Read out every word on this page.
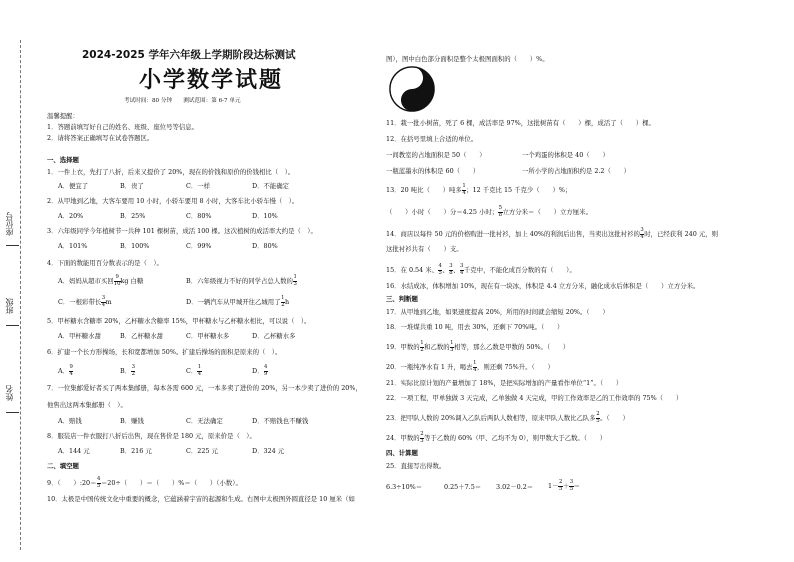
座位号
班级
姓名
2024-2025 学年六年级上学期阶段达标测试
小学数学试题
考试时间：80 分钟　　测试范围：第 6-7 单元
温馨提醒：
1．答题前填写好自己的姓名、班级、座位号等信息。
2．请将答案正确填写在试卷答题区。
一、选择题
1．一件上衣，先打了八折，后来又提价了 20%，现在的价钱和原价的价钱相比（　）。
A．便宜了	B．贵了	C．一样	D．不能确定
2．从甲地到乙地，大客车要用 10 小时，小轿车要用 8 小时，大客车比小轿车慢（　）。
A．20%	B．25%	C．80%	D．10%
3．六年级同学今年植树节一共种 101 棵树苗，成活 100 棵。这次植树的成活率大约是（　）。
A．101%	B．100%	C．99%	D．80%
4．下面的数能用百分数表示的是（　）。
A．妈妈从超市买回 $\frac{9}{10}$ kg 白糖	B．六年级视力不好的同学占总人数的 $\frac{1}{3}$
C．一根彩带长 $\frac{3}{4}$ m	D．一辆汽车从甲城开往乙城用了 $\frac{1}{2}$ h
5．甲杯糖水含糖率 20%，乙杯糖水含糖率 15%，甲杯糖水与乙杯糖水相比，可以说（　）。
A．甲杯糖水甜	B．乙杯糖水甜	C．甲杯糖水多	D．乙杯糖水多
6．扩建一个长方形操场，长和宽都增加 50%。扩建后操场的面积是原来的（　）。
A． $\frac{9}{4}$	B． $\frac{3}{2}$	C． $\frac{1}{4}$	D． $\frac{4}{9}$
7．一位集邮爱好者买了两本集邮册，每本各需 600 元，一本多卖了进价的 20%，另一本少卖了进价的 20%，
他售出这两本集邮册（　）。
A．赔钱	B．赚钱	C．无法确定	D．不赔钱也不赚钱
8．服装店一件衣服打八折后出售，现在售价是 180 元，原来价是（　）。
A．144 元	B．216 元	C．225 元	D．324 元
二、填空题
9．（　　）:20＝ $\frac{4}{5} =20\div$（　　）＝（　　）%＝（　　）（小数）。
10．太极是中国传统文化中重要的概念，它蕴涵着宇宙的起源和生成。右图中太极图外圆直径是 10 厘米（如
图），图中白色部分面积是整个太极图面积的（　　）%。
11．栽一批小树苗，死了 6 棵，成活率是 97%，这批树苗有（　　）棵，成活了（　　）棵。
12．在括号里填上合适的单位。
一间教室的占地面积是 50（　　）	一个鸡蛋的体积是 40（　　）
一瓶蓝墨水的体积是 60（　　）	一所小学的占地面积约是 2.2（　　）
13．20 吨比（　　）吨多 $\frac{1}{4}$ ；12 千克比 15 千克少（　　）%；
（　　）小时（　　）分＝4.25 小时； $\frac{5}{8}$ 立方分米＝（　　）立方厘米。
14．商店以每件 50 元的价格购进一批衬衫，加上 40%的利润后出售，当卖出这批衬衫的 $\frac{3}{4}$ 时，已经获利 240 元，则
这批衬衫共有（　　）支。
15．在 0.54 米、 $\frac{4}{5}$ 、 $\frac{3}{8}$ 、 $\frac{3}{4}$ 千克中，不能化成百分数的有（　　）。
16．水结成冰，体积增加 10%，现在有一块冰，体积是 4.4 立方分米，融化成水后体积是（　　）立方分米。
三、判断题
17．从甲地到乙地，如果速度提高 20%，所用的时间就会缩短 20%。（　　）
18．一堆煤共重 10 吨，用去 30%，还剩下 70%吨。（　　）
19．甲数的 $\frac{1}{2}$ 和乙数的 $\frac{1}{3}$ 相等，那么乙数是甲数的 50%。（　　）
20．一瓶纯净水有 1 升，喝去 $\frac{1}{4}$ ，则还剩 75%升。（　　）
21．实际比原计划的产量增加了 18%，是把实际增加的产量看作单位“1”。（　　）
22．一项工程，甲单独做 3 天完成，乙单独做 4 天完成，甲的工作效率是乙的工作效率的 75%（　　）
23．把甲队人数的 20%调入乙队后两队人数相等，原来甲队人数比乙队多 $\frac{2}{5}$ 。（　　）
24．甲数的 $\frac{2}{3}$ 等于乙数的 60%（甲、乙均不为 0），则甲数大于乙数。（　　）
四、计算题
25．直接写出得数。
6.3÷10%＝	$0.25+7.5= 3.02-0.2= 1- \frac{2}{5} + \frac{3}{5}$ ＝
